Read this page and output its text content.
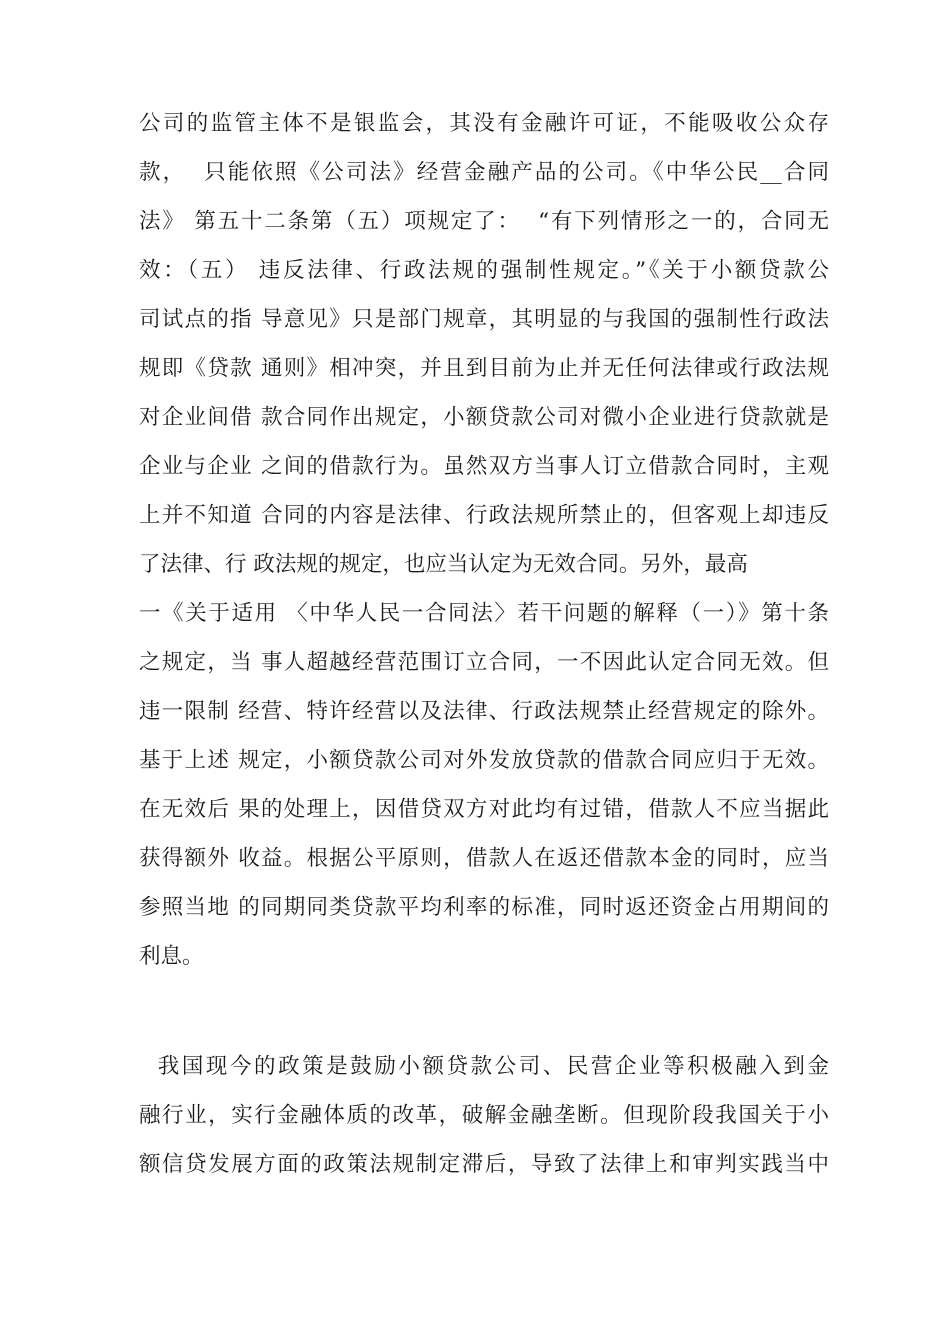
公司的监管主体不是银监会，其没有金融许可证，不能吸收公众存
款，  只能依照《公司法》经营金融产品的公司。《中华公民__合同
法》 第五十二条第（五）项规定了：  “有下列情形之一的，合同无
效：（五） 违反法律、行政法规的强制性规定。”《关于小额贷款公
司试点的指 导意见》只是部门规章，其明显的与我国的强制性行政法
规即《贷款 通则》相冲突，并且到目前为止并无任何法律或行政法规
对企业间借 款合同作出规定，小额贷款公司对微小企业进行贷款就是
企业与企业 之间的借款行为。虽然双方当事人订立借款合同时，主观
上并不知道 合同的内容是法律、行政法规所禁止的，但客观上却违反
了法律、行 政法规的规定，也应当认定为无效合同。另外，最高
一《关于适用 〈中华人民一合同法〉若干问题的解释（一）》第十条
之规定，当 事人超越经营范围订立合同，一不因此认定合同无效。但
违一限制 经营、特许经营以及法律、行政法规禁止经营规定的除外。
基于上述 规定，小额贷款公司对外发放贷款的借款合同应归于无效。
在无效后 果的处理上，因借贷双方对此均有过错，借款人不应当据此
获得额外 收益。根据公平原则，借款人在返还借款本金的同时，应当
参照当地 的同期同类贷款平均利率的标准，同时返还资金占用期间的
利息。
我国现今的政策是鼓励小额贷款公司、民营企业等积极融入到金
融行业，实行金融体质的改革，破解金融垄断。但现阶段我国关于小
额信贷发展方面的政策法规制定滞后，导致了法律上和审判实践当中
